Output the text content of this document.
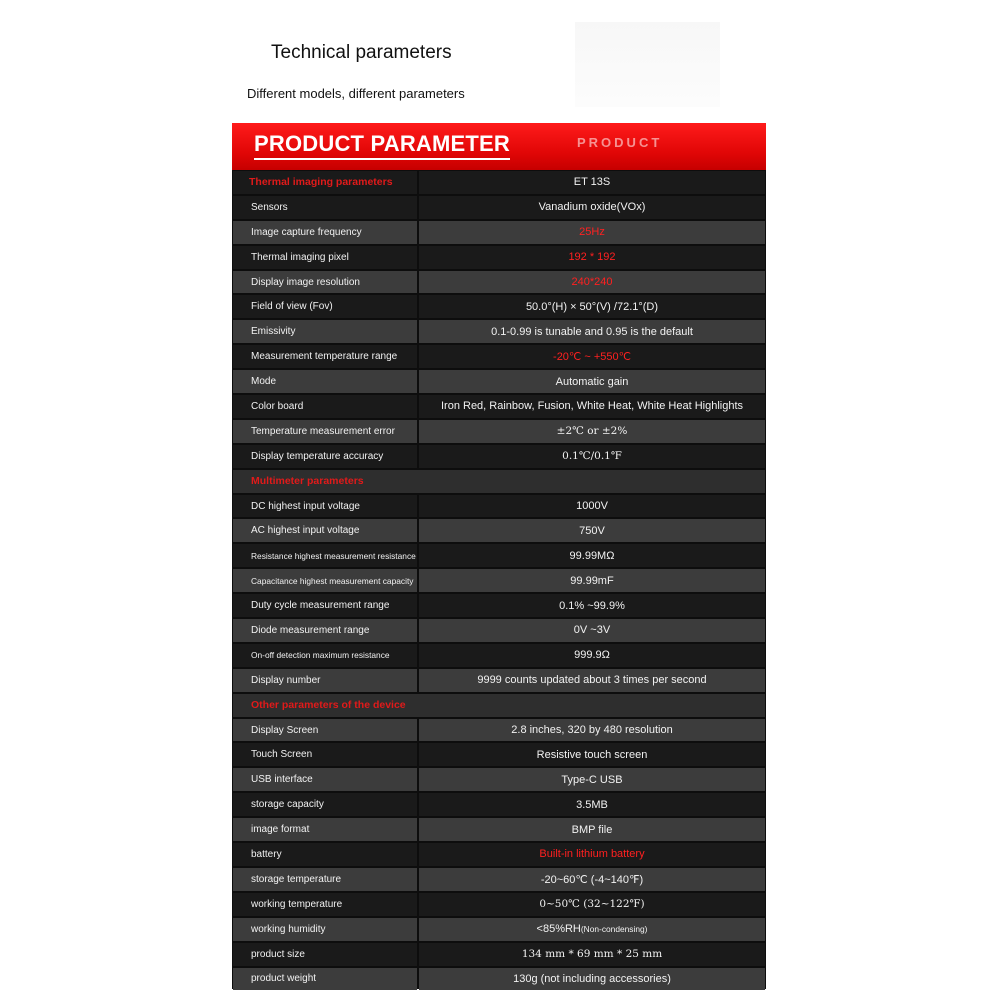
Technical parameters
Different models, different parameters
PRODUCT PARAMETER	PRODUCT
Thermal imaging parameters	ET 13S
Sensors	Vanadium oxide(VOx)
Image capture frequency	25Hz
Thermal imaging pixel	192 * 192
Display image resolution	240*240
Field of view (Fov)	50.0°(H) × 50°(V) /72.1°(D)
Emissivity	0.1-0.99 is tunable and 0.95 is the default
Measurement temperature range	-20℃ ~ +550℃
Mode	Automatic gain
Color board	Iron Red, Rainbow, Fusion, White Heat, White Heat Highlights
Temperature measurement error	±2℃ or ±2%
Display temperature accuracy	0.1℃/0.1℉
Multimeter parameters
DC highest input voltage	1000V
AC highest input voltage	750V
Resistance highest measurement resistance	99.99MΩ
Capacitance highest measurement capacity	99.99mF
Duty cycle measurement range	0.1% ~99.9%
Diode measurement range	0V ~3V
On-off detection maximum resistance	999.9Ω
Display number	9999 counts updated about 3 times per second
Other parameters of the device
Display Screen	2.8 inches, 320 by 480 resolution
Touch Screen	Resistive touch screen
USB interface	Type-C USB
storage capacity	3.5MB
image format	BMP file
battery	Built-in lithium battery
storage temperature	-20~60℃ (-4~140℉)
working temperature	0~50℃ (32~122℉)
working humidity	<85%RH (Non-condensing)
product size	134 mm * 69 mm * 25 mm
product weight	130g (not including accessories)
